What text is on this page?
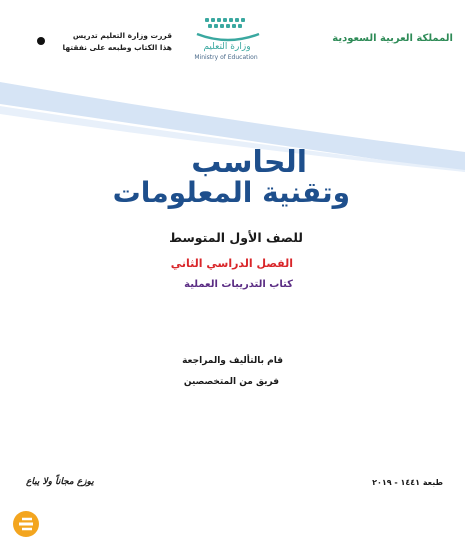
المملكة العربية السعودية
وزارة التعليم
Ministry of Education
قررت وزارة التعليم تدريس
هذا الكتاب وطبعه على نفقتها
الحاسب
وتقنية المعلومات
للصف الأول المتوسط
الفصل الدراسي الثاني
كتاب التدريبات العملية
قام بالتأليف والمراجعة
فريق من المتخصصين
طبعة ١٤٤١ - ٢٠١٩
يوزع مجاناً ولا يباع
